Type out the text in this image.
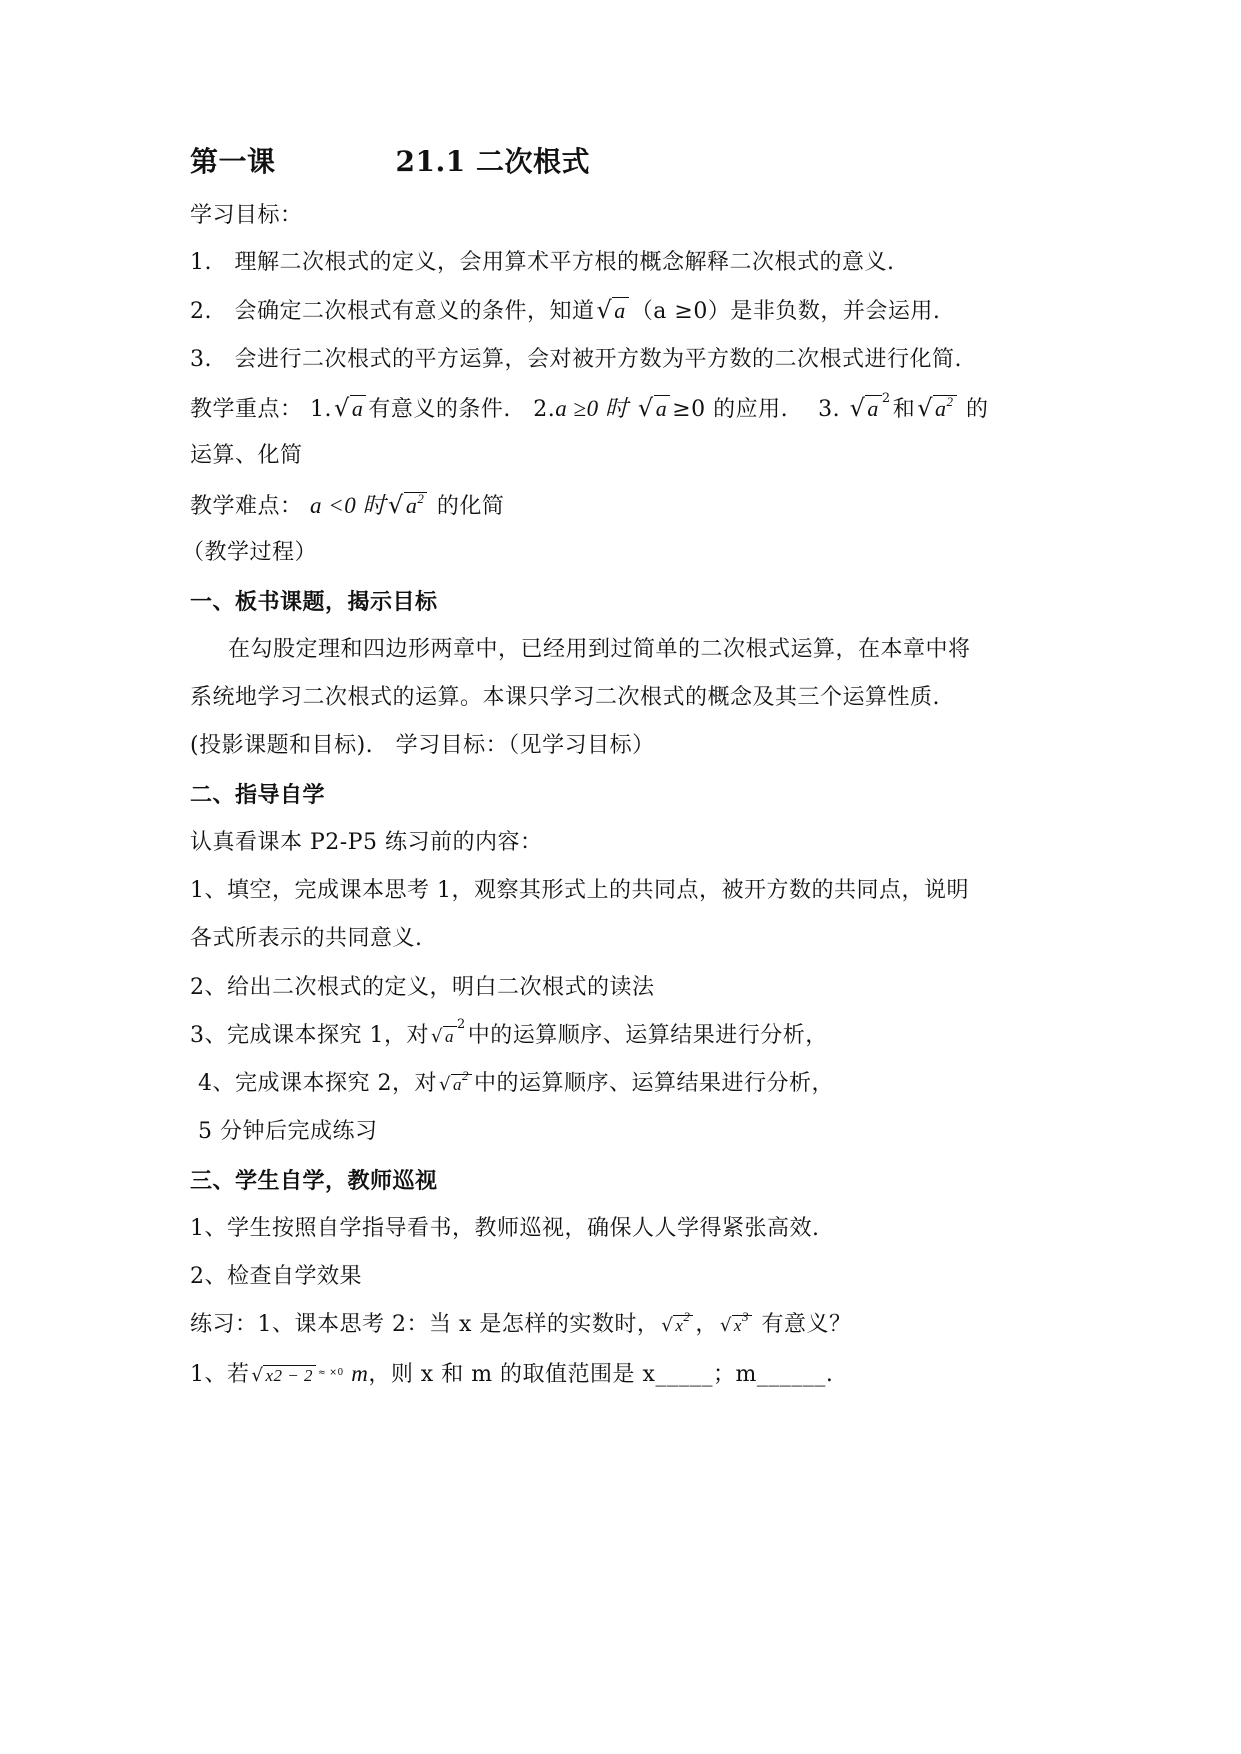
第一课	21.1 二次根式
学习目标：
1.　理解二次根式的定义，会用算术平方根的概念解释二次根式的意义.
2.　会确定二次根式有意义的条件，知道√a （a ≥0）是非负数，并会运用.
3.　会进行二次根式的平方运算，会对被开方数为平方数的二次根式进行化简.
教学重点： 1.√a 有意义的条件.　2.a ≥0 时 √a ≥0 的应用.　 3. √a $^2$和$√a^2$ 的
运算、化简
教学难点： a <0 时$√a^2$ 的化简
（教学过程）
一、板书课题，揭示目标
在勾股定理和四边形两章中，已经用到过简单的二次根式运算，在本章中将
系统地学习二次根式的运算。本课只学习二次根式的概念及其三个运算性质.
(投影课题和目标).　学习目标：（见学习目标）
二、指导自学
认真看课本 P2-P5 练习前的内容：
1、填空，完成课本思考 1，观察其形式上的共同点，被开方数的共同点，说明
各式所表示的共同意义.
2、给出二次根式的定义，明白二次根式的读法
3、完成课本探究 1，对 √ $a^2$中的运算顺序、运算结果进行分析，
4、完成课本探究 2，对 √ $a^2$ 中的运算顺序、运算结果进行分析，
5 分钟后完成练习
三、学生自学，教师巡视
1、学生按照自学指导看书，教师巡视，确保人人学得紧张高效.
2、检查自学效果
练习：1、课本思考 2：当 x 是怎样的实数时， √ $x^2$ ， √ $x^3$ 有意义？
1、若 √ x2 − 2 $^{\approx \times 0}$ m，则 x 和 m 的取值范围是 x_____；m______.
